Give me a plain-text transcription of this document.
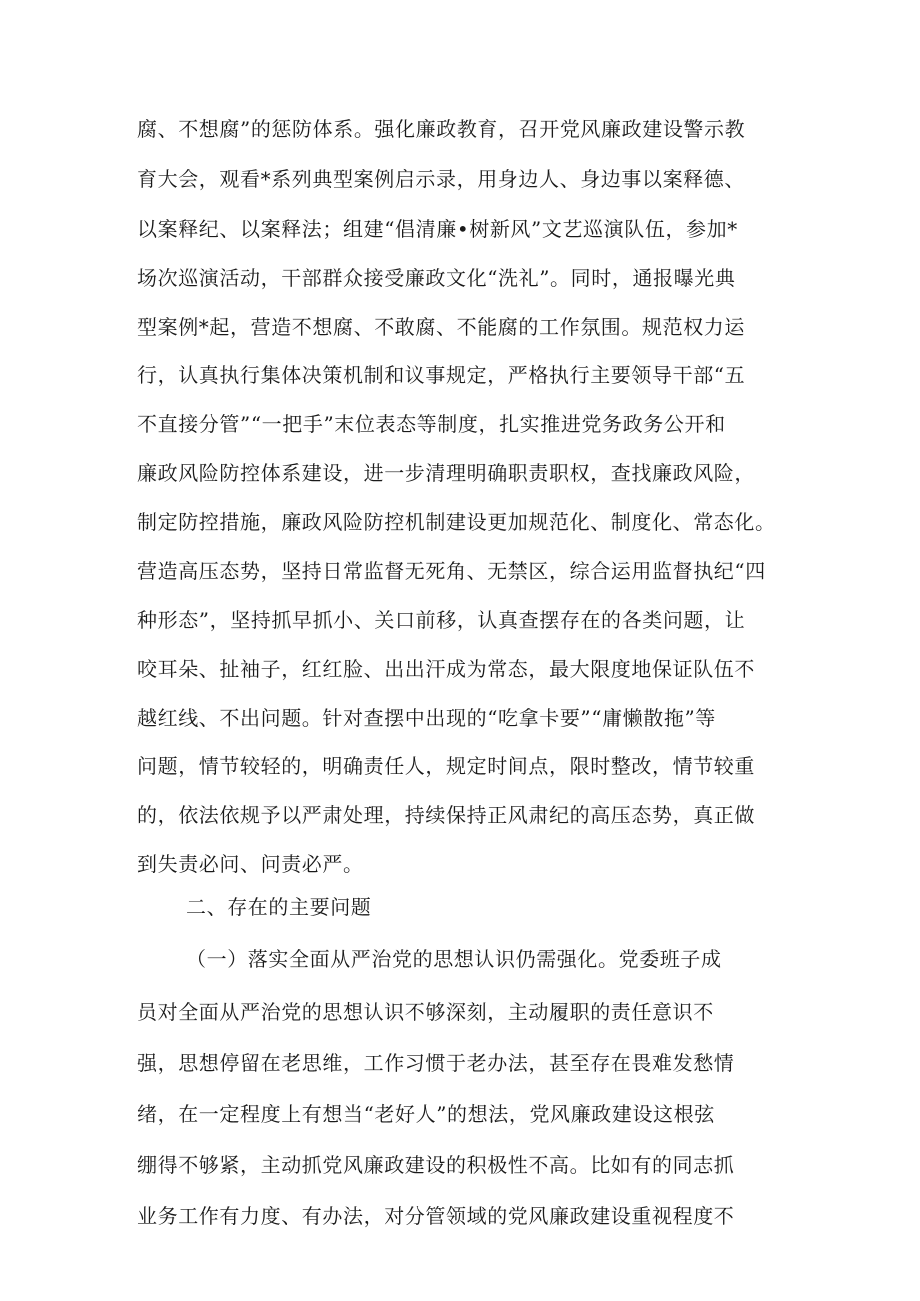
腐、不想腐”的惩防体系。强化廉政教育，召开党风廉政建设警示教
育大会，观看*系列典型案例启示录，用身边人、身边事以案释德、
以案释纪、以案释法；组建“倡清廉•树新风”文艺巡演队伍，参加*
场次巡演活动，干部群众接受廉政文化“洗礼”。同时，通报曝光典
型案例*起，营造不想腐、不敢腐、不能腐的工作氛围。规范权力运
行，认真执行集体决策机制和议事规定，严格执行主要领导干部“五
不直接分管”“一把手”末位表态等制度，扎实推进党务政务公开和
廉政风险防控体系建设，进一步清理明确职责职权，查找廉政风险，
制定防控措施，廉政风险防控机制建设更加规范化、制度化、常态化。
营造高压态势，坚持日常监督无死角、无禁区，综合运用监督执纪“四
种形态”，坚持抓早抓小、关口前移，认真查摆存在的各类问题，让
咬耳朵、扯袖子，红红脸、出出汗成为常态，最大限度地保证队伍不
越红线、不出问题。针对查摆中出现的“吃拿卡要”“庸懒散拖”等
问题，情节较轻的，明确责任人，规定时间点，限时整改，情节较重
的，依法依规予以严肃处理，持续保持正风肃纪的高压态势，真正做
到失责必问、问责必严。
二、存在的主要问题
（一）落实全面从严治党的思想认识仍需强化。党委班子成
员对全面从严治党的思想认识不够深刻，主动履职的责任意识不
强，思想停留在老思维，工作习惯于老办法，甚至存在畏难发愁情
绪，在一定程度上有想当“老好人”的想法，党风廉政建设这根弦
绷得不够紧，主动抓党风廉政建设的积极性不高。比如有的同志抓
业务工作有力度、有办法，对分管领域的党风廉政建设重视程度不
